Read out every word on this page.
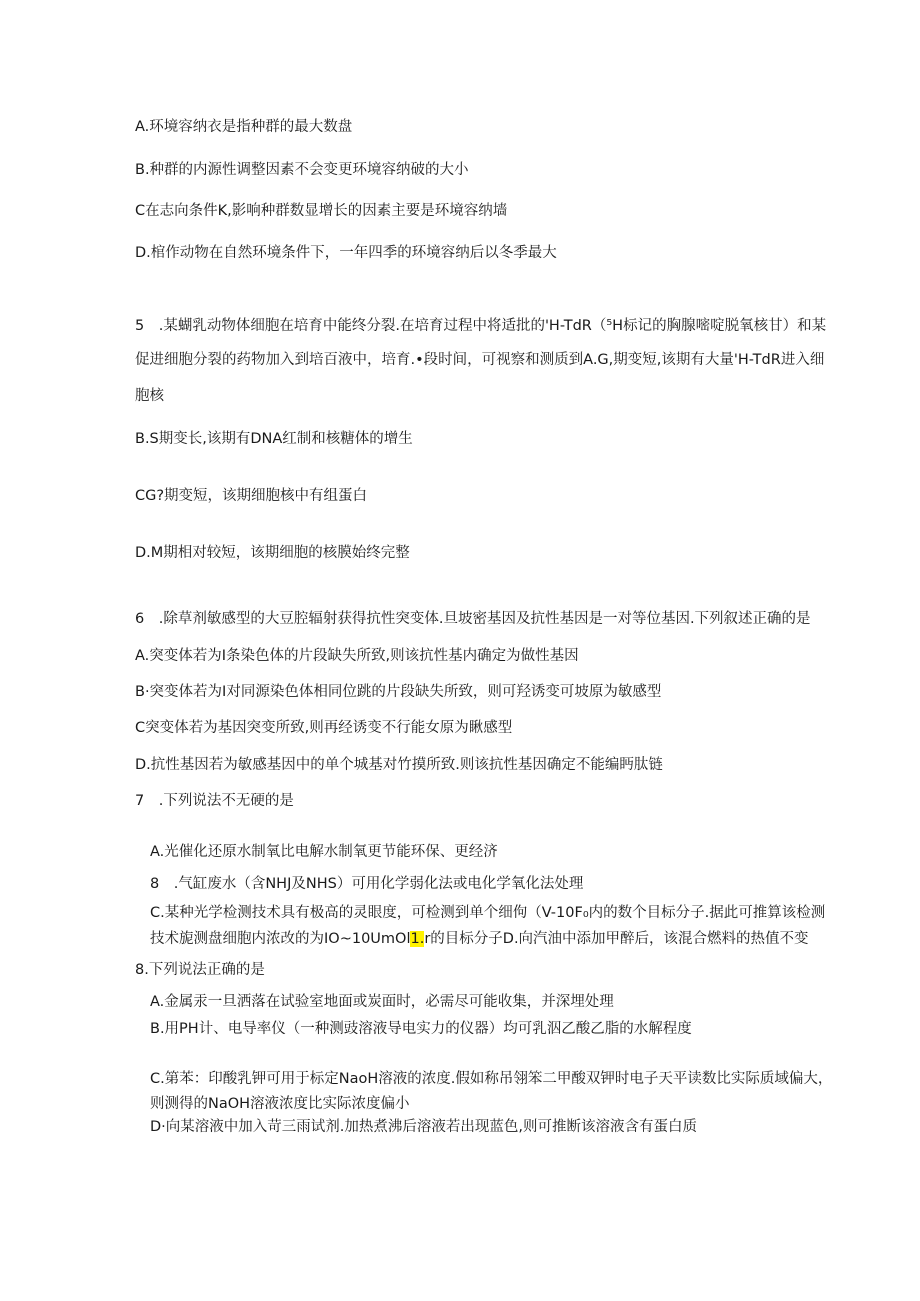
A.环境容纳衣是指种群的最大数盘
B.种群的内源性调整因素不会变更环境容纳破的大小
C在志向条件K,影响种群数显增长的因素主要是环境容纳墙
D.棺作动物在自然环境条件下，一年四季的环境容纳后以冬季最大
5　.某蝴乳动物体细胞在培育中能终分裂.在培育过程中将适批的'H-TdR（⁵H标记的胸腺嘧啶脱氧核甘）和某
促进细胞分裂的药物加入到培百液中，培育.•段时间，可视察和测质到A.G,期变短,该期有大量'H-TdR进入细
胞核
B.S期变长,该期有DNA红制和核糖体的增生
CG?期变短，该期细胞核中有组蛋白
D.M期相对较短，该期细胞的核膜始终完整
6　.除草剂敏感型的大豆腔辐射获得抗性突变体.旦坡密基因及抗性基因是一对等位基因.下列叙述正确的是
A.突变体若为I条染色体的片段缺失所致,则该抗性基内确定为做性基因
B·突变体若为I对同源染色体相同位跳的片段缺失所致，则可羟诱变可坡原为敏感型
C突变体若为基因突变所致,则再经诱变不行能女原为瞅感型
D.抗性基因若为敏感基因中的单个城基对竹摸所致.则该抗性基因确定不能编眄肽链
7　.下列说法不无硬的是
A.光催化还原水制氧比电解水制氧更节能环保、更经济
8　.气缸废水（含NHJ及NHS）可用化学弱化法或电化学氧化法处理
C.某种光学检测技术具有极高的灵眼度，可检测到单个细佝（V-10F₀内的数个目标分子.据此可推算该检测
技术旎测盘细胞内浓改的为IO~10UmOl1.r的目标分子D.向汽油中添加甲醉后，该混合燃料的热值不变
8.下列说法正确的是
A.金属汞一旦洒落在试验室地面或炭面时，必需尽可能收集，并深埋处理
B.用PH计、电导率仪（一种测豉溶液导电实力的仪器）均可乳泅乙酸乙脂的水解程度
C.第苯：印酸乳钾可用于标定NaoH溶液的浓度.假如称吊翎笨二甲酸双钾时电子天平读数比实际质域偏大，
则测得的NaOH溶液浓度比实际浓度偏小
D·向某溶液中加入苛三雨试剂.加热煮沸后溶液若出现蓝色,则可推断该溶液含有蛋白质
